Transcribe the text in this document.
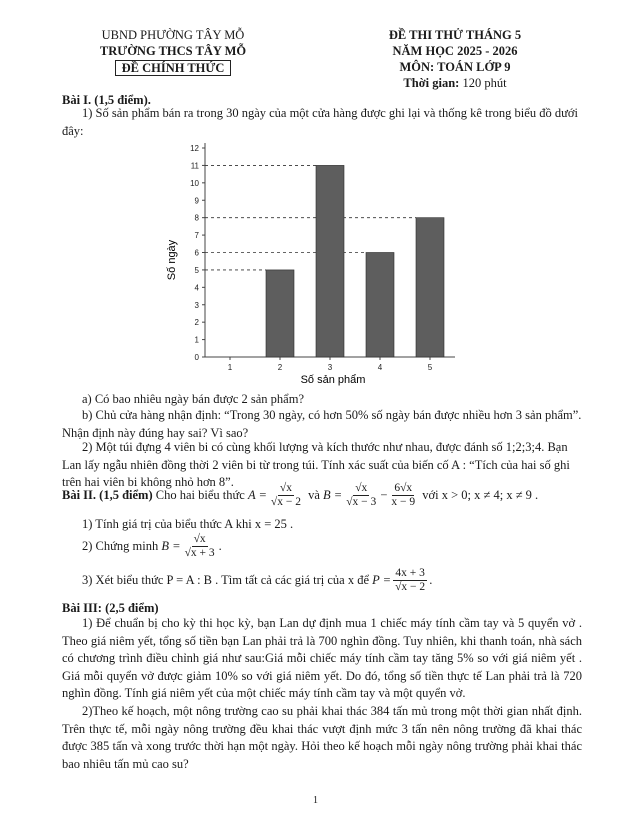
UBND PHƯỜNG TÂY MỖ
TRƯỜNG THCS TÂY MỖ
ĐỀ CHÍNH THỨC
ĐỀ THI THỬ THÁNG 5
NĂM HỌC 2025 - 2026
MÔN: TOÁN LỚP 9
Thời gian: 120 phút
Bài I. (1,5 điểm).
1) Số sản phẩm bán ra trong 30 ngày của một cửa hàng được ghi lại và thống kê trong biểu đồ dưới đây:
0
1
2
3
4
5
6
7
8
9
10
11
12
1	2	3	4	5
Số ngày
Số sản phẩm
a) Có bao nhiêu ngày bán được 2 sản phẩm?
b) Chủ cửa hàng nhận định: “Trong 30 ngày, có hơn 50% số ngày bán được nhiều hơn 3 sản phẩm”. Nhận định này đúng hay sai? Vì sao?
2) Một túi đựng 4 viên bi có cùng khối lượng và kích thước như nhau, được đánh số 1;2;3;4. Bạn Lan lấy ngẫu nhiên đồng thời 2 viên bi từ trong túi. Tính xác suất của biến cố A : “Tích của hai số ghi trên hai viên bi không nhỏ hơn 8”.
Bài II. (1,5 điểm)
Cho hai biểu thức
$A = \frac{√x}{√x - 2}$
và
$B = \frac{√x}{√x - 3} - \frac{6√x}{x - 9}$
với x > 0; x ≠ 4; x ≠ 9 .
1) Tính giá trị của biểu thức A khi x = 25 .
2) Chứng minh
$B = \frac{√x}{√x + 3}$ .
3) Xét biểu thức P = A : B . Tìm tất cả các giá trị của x để
$P = \frac{4x + 3}{√x - 2}$ .
Bài III: (2,5 điểm)
1) Để chuẩn bị cho kỳ thi học kỳ, bạn Lan dự định mua 1 chiếc máy tính cầm tay và 5 quyển vở . Theo giá niêm yết, tổng số tiền bạn Lan phải trả là 700 nghìn đồng. Tuy nhiên, khi thanh toán, nhà sách có chương trình điều chỉnh giá như sau:Giá mỗi chiếc máy tính cầm tay tăng 5% so với giá niêm yết . Giá mỗi quyển vở được giảm 10% so với giá niêm yết. Do đó, tổng số tiền thực tế Lan phải trả là 720 nghìn đồng. Tính giá niêm yết của một chiếc máy tính cầm tay và một quyển vở.
2)Theo kế hoạch, một nông trường cao su phải khai thác 384 tấn mủ trong một thời gian nhất định. Trên thực tế, mỗi ngày nông trường đều khai thác vượt định mức 3 tấn nên nông trường đã khai thác được 385 tấn và xong trước thời hạn một ngày. Hỏi theo kế hoạch mỗi ngày nông trường phải khai thác bao nhiêu tấn mủ cao su?
1
